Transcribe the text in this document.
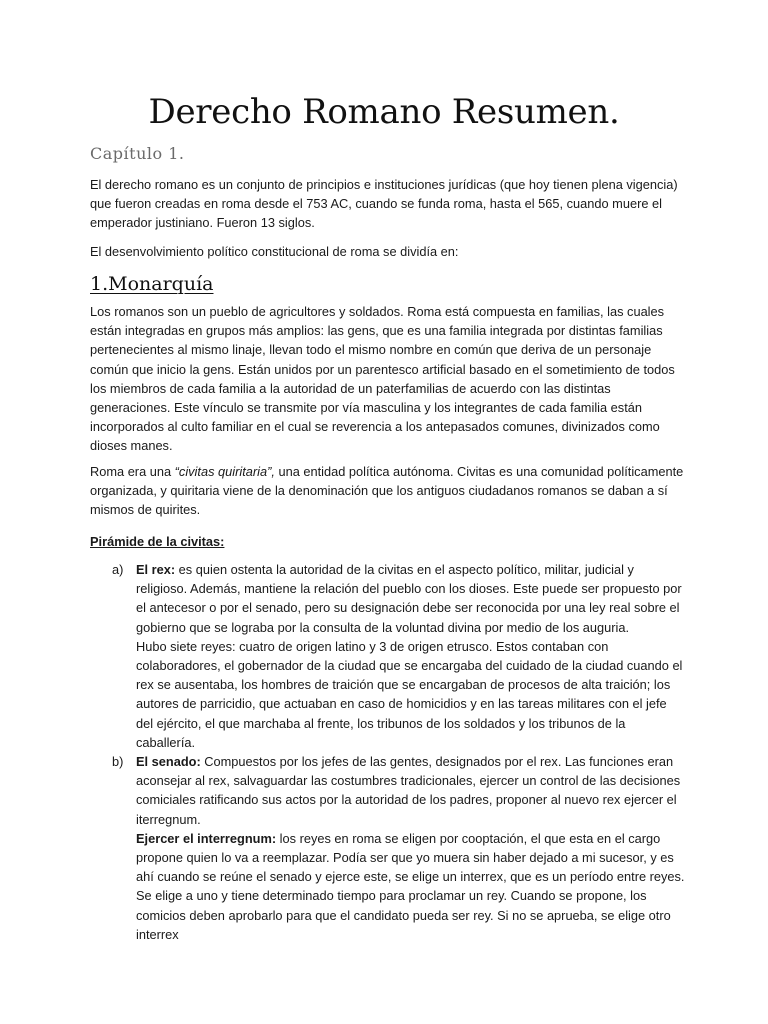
Derecho Romano Resumen.
Capítulo 1.

El derecho romano es un conjunto de principios e instituciones jurídicas (que hoy tienen plena vigencia) que fueron creadas en roma desde el 753 AC, cuando se funda roma, hasta el 565, cuando muere el emperador justiniano. Fueron 13 siglos.

El desenvolvimiento político constitucional de roma se dividía en:

1.Monarquía

Los romanos son un pueblo de agricultores y soldados. Roma está compuesta en familias, las cuales están integradas en grupos más amplios: las gens, que es una familia integrada por distintas familias pertenecientes al mismo linaje, llevan todo el mismo nombre en común que deriva de un personaje común que inicio la gens. Están unidos por un parentesco artificial basado en el sometimiento de todos los miembros de cada familia a la autoridad de un paterfamilias de acuerdo con las distintas generaciones. Este vínculo se transmite por vía masculina y los integrantes de cada familia están incorporados al culto familiar en el cual se reverencia a los antepasados comunes, divinizados como dioses manes.

Roma era una “civitas quiritaria”, una entidad política autónoma. Civitas es una comunidad políticamente organizada, y quiritaria viene de la denominación que los antiguos ciudadanos romanos se daban a sí mismos de quirites.

Pirámide de la civitas:

a) El rex: es quien ostenta la autoridad de la civitas en el aspecto político, militar, judicial y religioso. Además, mantiene la relación del pueblo con los dioses. Este puede ser propuesto por el antecesor o por el senado, pero su designación debe ser reconocida por una ley real sobre el gobierno que se lograba por la consulta de la voluntad divina por medio de los auguria.
Hubo siete reyes: cuatro de origen latino y 3 de origen etrusco. Estos contaban con colaboradores, el gobernador de la ciudad que se encargaba del cuidado de la ciudad cuando el rex se ausentaba, los hombres de traición que se encargaban de procesos de alta traición; los autores de parricidio, que actuaban en caso de homicidios y en las tareas militares con el jefe del ejército, el que marchaba al frente, los tribunos de los soldados y los tribunos de la caballería.
b) El senado: Compuestos por los jefes de las gentes, designados por el rex. Las funciones eran aconsejar al rex, salvaguardar las costumbres tradicionales, ejercer un control de las decisiones comiciales ratificando sus actos por la autoridad de los padres, proponer al nuevo rex ejercer el iterregnum.
Ejercer el interregnum: los reyes en roma se eligen por cooptación, el que esta en el cargo propone quien lo va a reemplazar. Podía ser que yo muera sin haber dejado a mi sucesor, y es ahí cuando se reúne el senado y ejerce este, se elige un interrex, que es un período entre reyes. Se elige a uno y tiene determinado tiempo para proclamar un rey. Cuando se propone, los comicios deben aprobarlo para que el candidato pueda ser rey. Si no se aprueba, se elige otro interrex
